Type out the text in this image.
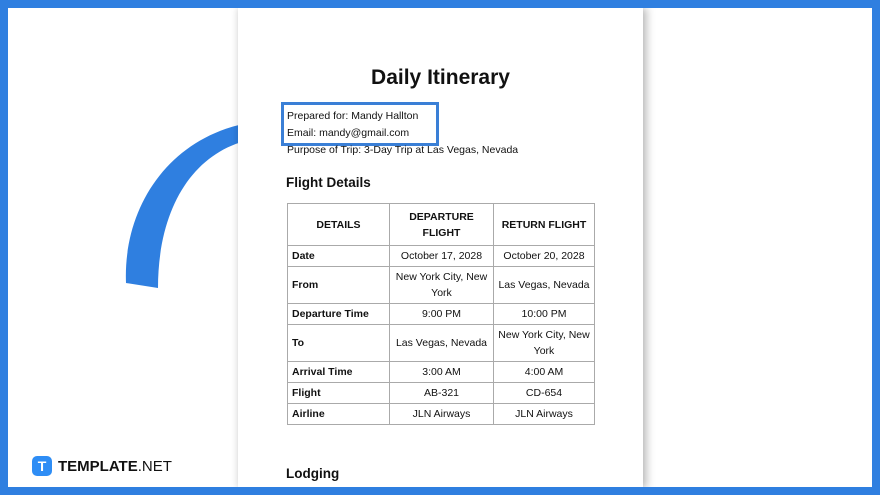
Daily Itinerary
Prepared for: Mandy Hallton
Email: mandy@gmail.com
Purpose of Trip: 3-Day Trip at Las Vegas, Nevada
Flight Details
DETAILS	DEPARTURE FLIGHT	RETURN FLIGHT
Date	October 17, 2028	October 20, 2028
From	New York City, New York	Las Vegas, Nevada
Departure Time	9:00 PM	10:00 PM
To	Las Vegas, Nevada	New York City, New York
Arrival Time	3:00 AM	4:00 AM
Flight	AB-321	CD-654
Airline	JLN Airways	JLN Airways
Lodging
T TEMPLATE.NET
